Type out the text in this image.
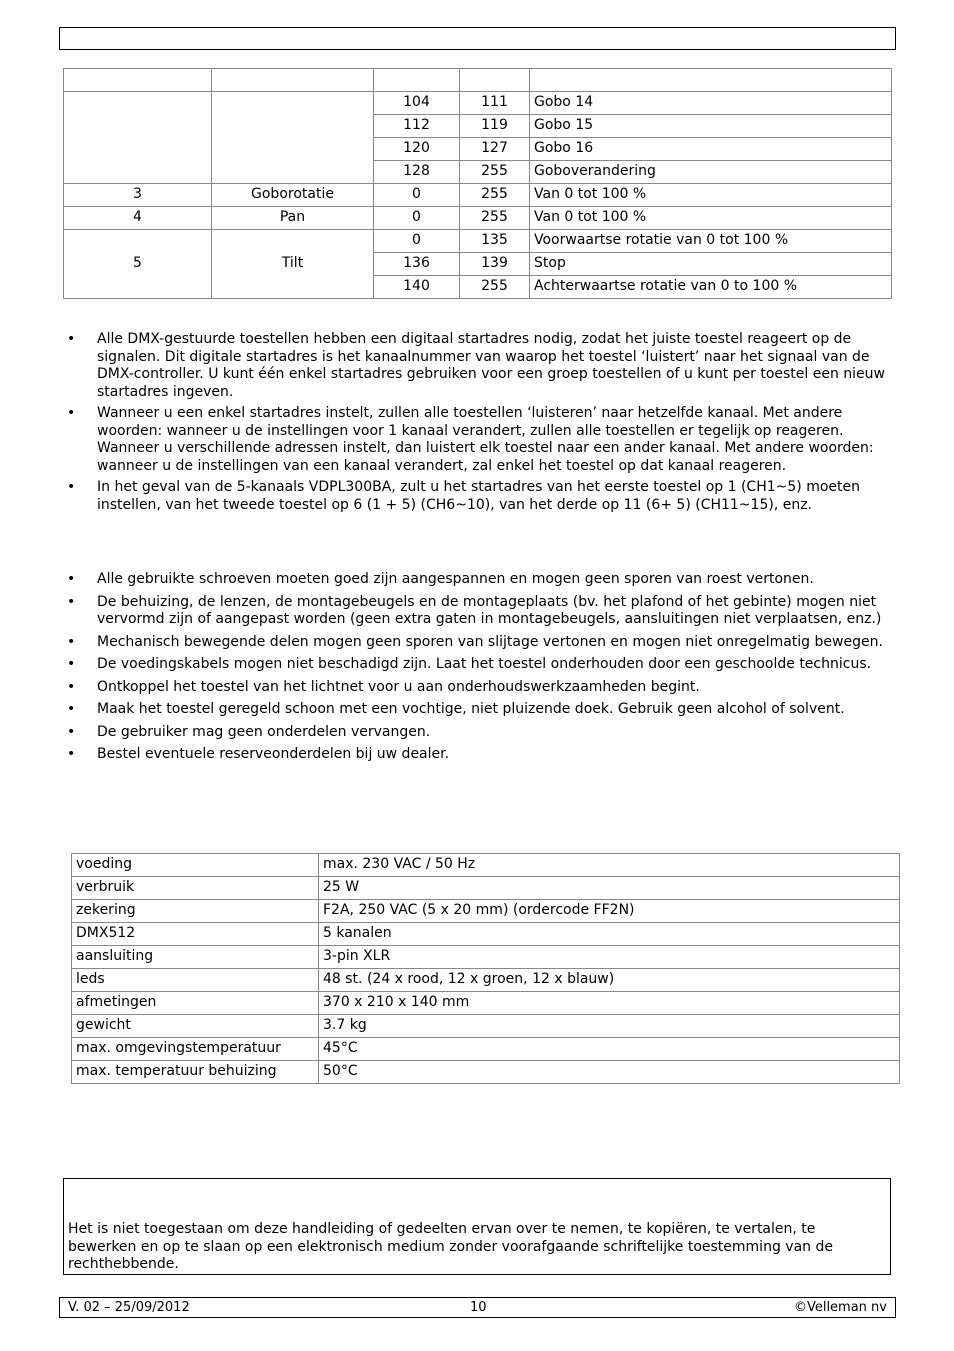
		104	111	Gobo 14
		112	119	Gobo 15
		120	127	Gobo 16
		128	255	Goboverandering
3	Goborotatie	0	255	Van 0 tot 100 %
4	Pan	0	255	Van 0 tot 100 %
5	Tilt	0	135	Voorwaartse rotatie van 0 tot 100 %
		136	139	Stop
		140	255	Achterwaartse rotatie van 0 to 100 %
• Alle DMX-gestuurde toestellen hebben een digitaal startadres nodig, zodat het juiste toestel reageert op de signalen. Dit digitale startadres is het kanaalnummer van waarop het toestel ‘luistert’ naar het signaal van de DMX-controller. U kunt één enkel startadres gebruiken voor een groep toestellen of u kunt per toestel een nieuw startadres ingeven.
• Wanneer u een enkel startadres instelt, zullen alle toestellen ‘luisteren’ naar hetzelfde kanaal. Met andere woorden: wanneer u de instellingen voor 1 kanaal verandert, zullen alle toestellen er tegelijk op reageren. Wanneer u verschillende adressen instelt, dan luistert elk toestel naar een ander kanaal. Met andere woorden: wanneer u de instellingen van een kanaal verandert, zal enkel het toestel op dat kanaal reageren.
• In het geval van de 5-kanaals VDPL300BA, zult u het startadres van het eerste toestel op 1 (CH1~5) moeten instellen, van het tweede toestel op 6 (1 + 5) (CH6~10), van het derde op 11 (6+ 5) (CH11~15), enz.
• Alle gebruikte schroeven moeten goed zijn aangespannen en mogen geen sporen van roest vertonen.
• De behuizing, de lenzen, de montagebeugels en de montageplaats (bv. het plafond of het gebinte) mogen niet vervormd zijn of aangepast worden (geen extra gaten in montagebeugels, aansluitingen niet verplaatsen, enz.)
• Mechanisch bewegende delen mogen geen sporen van slijtage vertonen en mogen niet onregelmatig bewegen.
• De voedingskabels mogen niet beschadigd zijn. Laat het toestel onderhouden door een geschoolde technicus.
• Ontkoppel het toestel van het lichtnet voor u aan onderhoudswerkzaamheden begint.
• Maak het toestel geregeld schoon met een vochtige, niet pluizende doek. Gebruik geen alcohol of solvent.
• De gebruiker mag geen onderdelen vervangen.
• Bestel eventuele reserveonderdelen bij uw dealer.
voeding	max. 230 VAC / 50 Hz
verbruik	25 W
zekering	F2A, 250 VAC (5 x 20 mm) (ordercode FF2N)
DMX512	5 kanalen
aansluiting	3-pin XLR
leds	48 st. (24 x rood, 12 x groen, 12 x blauw)
afmetingen	370 x 210 x 140 mm
gewicht	3.7 kg
max. omgevingstemperatuur	45°C
max. temperatuur behuizing	50°C
Het is niet toegestaan om deze handleiding of gedeelten ervan over te nemen, te kopiëren, te vertalen, te bewerken en op te slaan op een elektronisch medium zonder voorafgaande schriftelijke toestemming van de rechthebbende.
V. 02 – 25/09/2012	10	©Velleman nv
